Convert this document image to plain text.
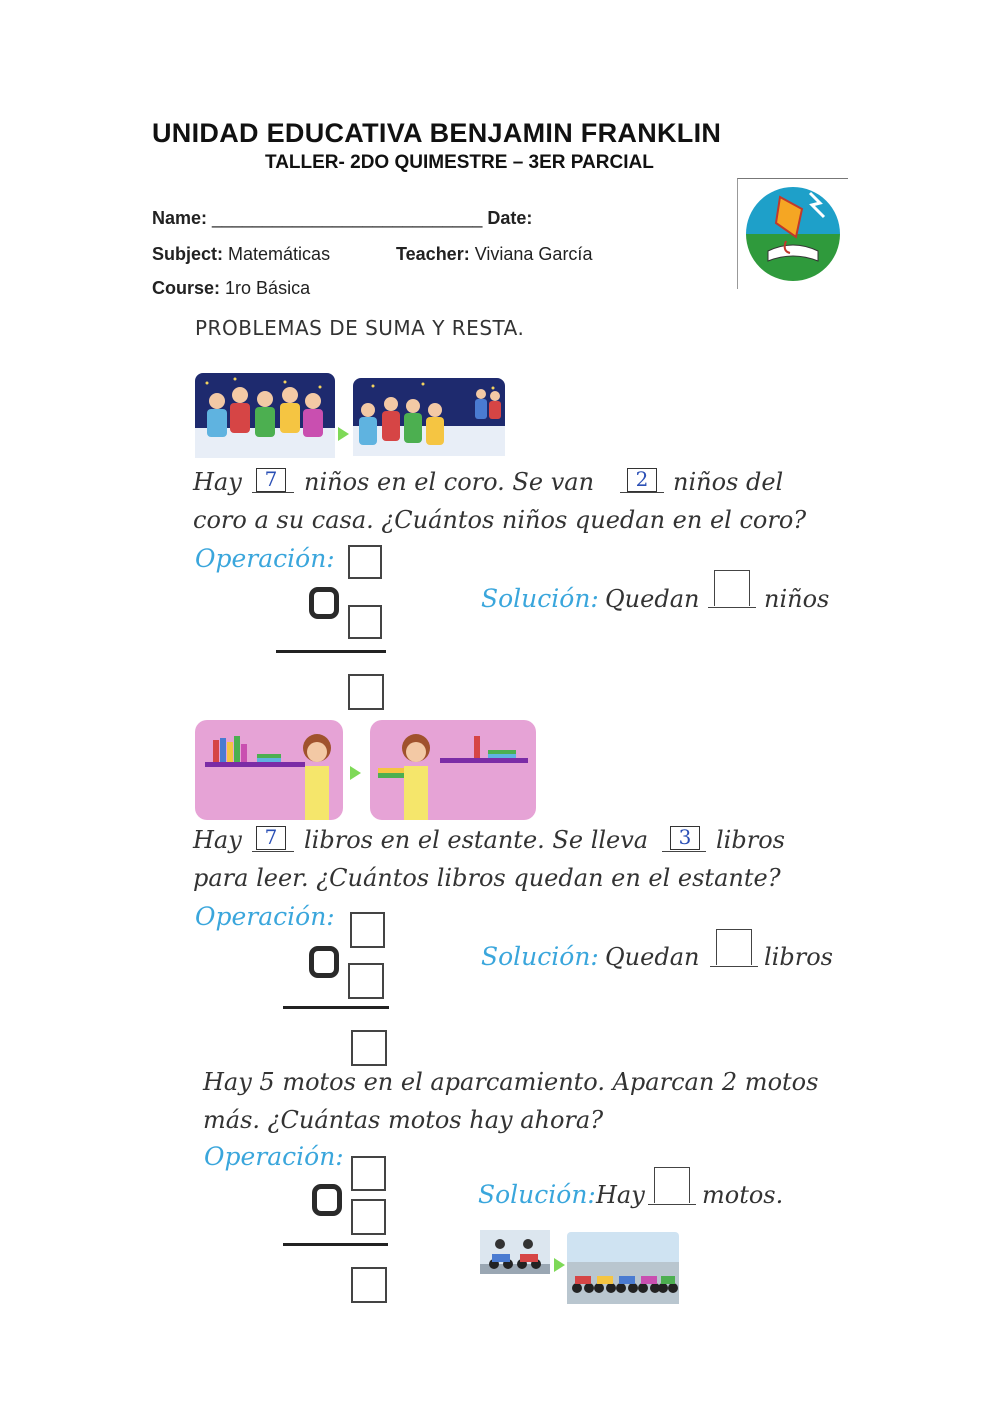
UNIDAD EDUCATIVA BENJAMIN FRANKLIN
TALLER- 2DO QUIMESTRE – 3ER PARCIAL
Name: ___________________________ Date:
Subject: Matemáticas	Teacher: Viviana García
Course: 1ro Básica
PROBLEMAS DE SUMA Y RESTA.
Hay	7	niños en el coro. Se van	2	niños del
coro a su casa. ¿Cuántos niños quedan en el coro?
Operación:
Solución: Quedan	niños
Hay	7	libros en el estante. Se lleva	3	libros
para leer. ¿Cuántos libros quedan en el estante?
Operación:
Solución: Quedan	libros
Hay 5 motos en el aparcamiento. Aparcan 2 motos
más. ¿Cuántas motos hay ahora?
Operación:
Solución: Hay motos.
